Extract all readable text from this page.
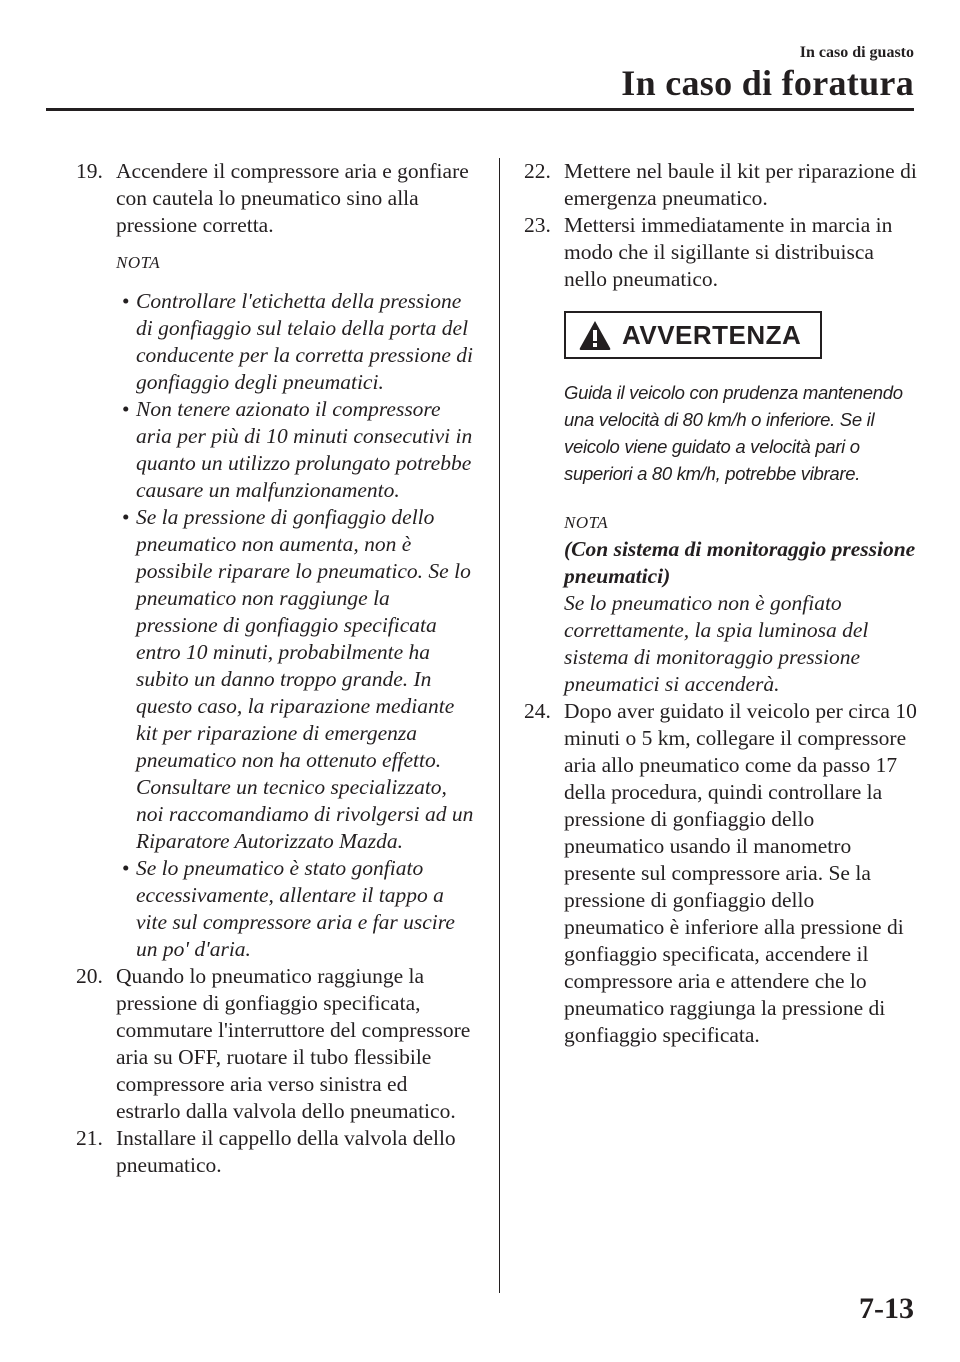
In caso di guasto
In caso di foratura
19. Accendere il compressore aria e gonfiare con cautela lo pneumatico sino alla pressione corretta.
NOTA
• Controllare l'etichetta della pressione di gonfiaggio sul telaio della porta del conducente per la corretta pressione di gonfiaggio degli pneumatici.
• Non tenere azionato il compressore aria per più di 10 minuti consecutivi in quanto un utilizzo prolungato potrebbe causare un malfunzionamento.
• Se la pressione di gonfiaggio dello pneumatico non aumenta, non è possibile riparare lo pneumatico. Se lo pneumatico non raggiunge la pressione di gonfiaggio specificata entro 10 minuti, probabilmente ha subito un danno troppo grande. In questo caso, la riparazione mediante kit per riparazione di emergenza pneumatico non ha ottenuto effetto. Consultare un tecnico specializzato, noi raccomandiamo di rivolgersi ad un Riparatore Autorizzato Mazda.
• Se lo pneumatico è stato gonfiato eccessivamente, allentare il tappo a vite sul compressore aria e far uscire un po' d'aria.
20. Quando lo pneumatico raggiunge la pressione di gonfiaggio specificata, commutare l'interruttore del compressore aria su OFF, ruotare il tubo flessibile compressore aria verso sinistra ed estrarlo dalla valvola dello pneumatico.
21. Installare il cappello della valvola dello pneumatico.
22. Mettere nel baule il kit per riparazione di emergenza pneumatico.
23. Mettersi immediatamente in marcia in modo che il sigillante si distribuisca nello pneumatico.
AVVERTENZA
Guida il veicolo con prudenza mantenendo una velocità di 80 km/h o inferiore. Se il veicolo viene guidato a velocità pari o superiori a 80 km/h, potrebbe vibrare.
NOTA
(Con sistema di monitoraggio pressione pneumatici)
Se lo pneumatico non è gonfiato correttamente, la spia luminosa del sistema di monitoraggio pressione pneumatici si accenderà.
24. Dopo aver guidato il veicolo per circa 10 minuti o 5 km, collegare il compressore aria allo pneumatico come da passo 17 della procedura, quindi controllare la pressione di gonfiaggio dello pneumatico usando il manometro presente sul compressore aria. Se la pressione di gonfiaggio dello pneumatico è inferiore alla pressione di gonfiaggio specificata, accendere il compressore aria e attendere che lo pneumatico raggiunga la pressione di gonfiaggio specificata.
7-13
